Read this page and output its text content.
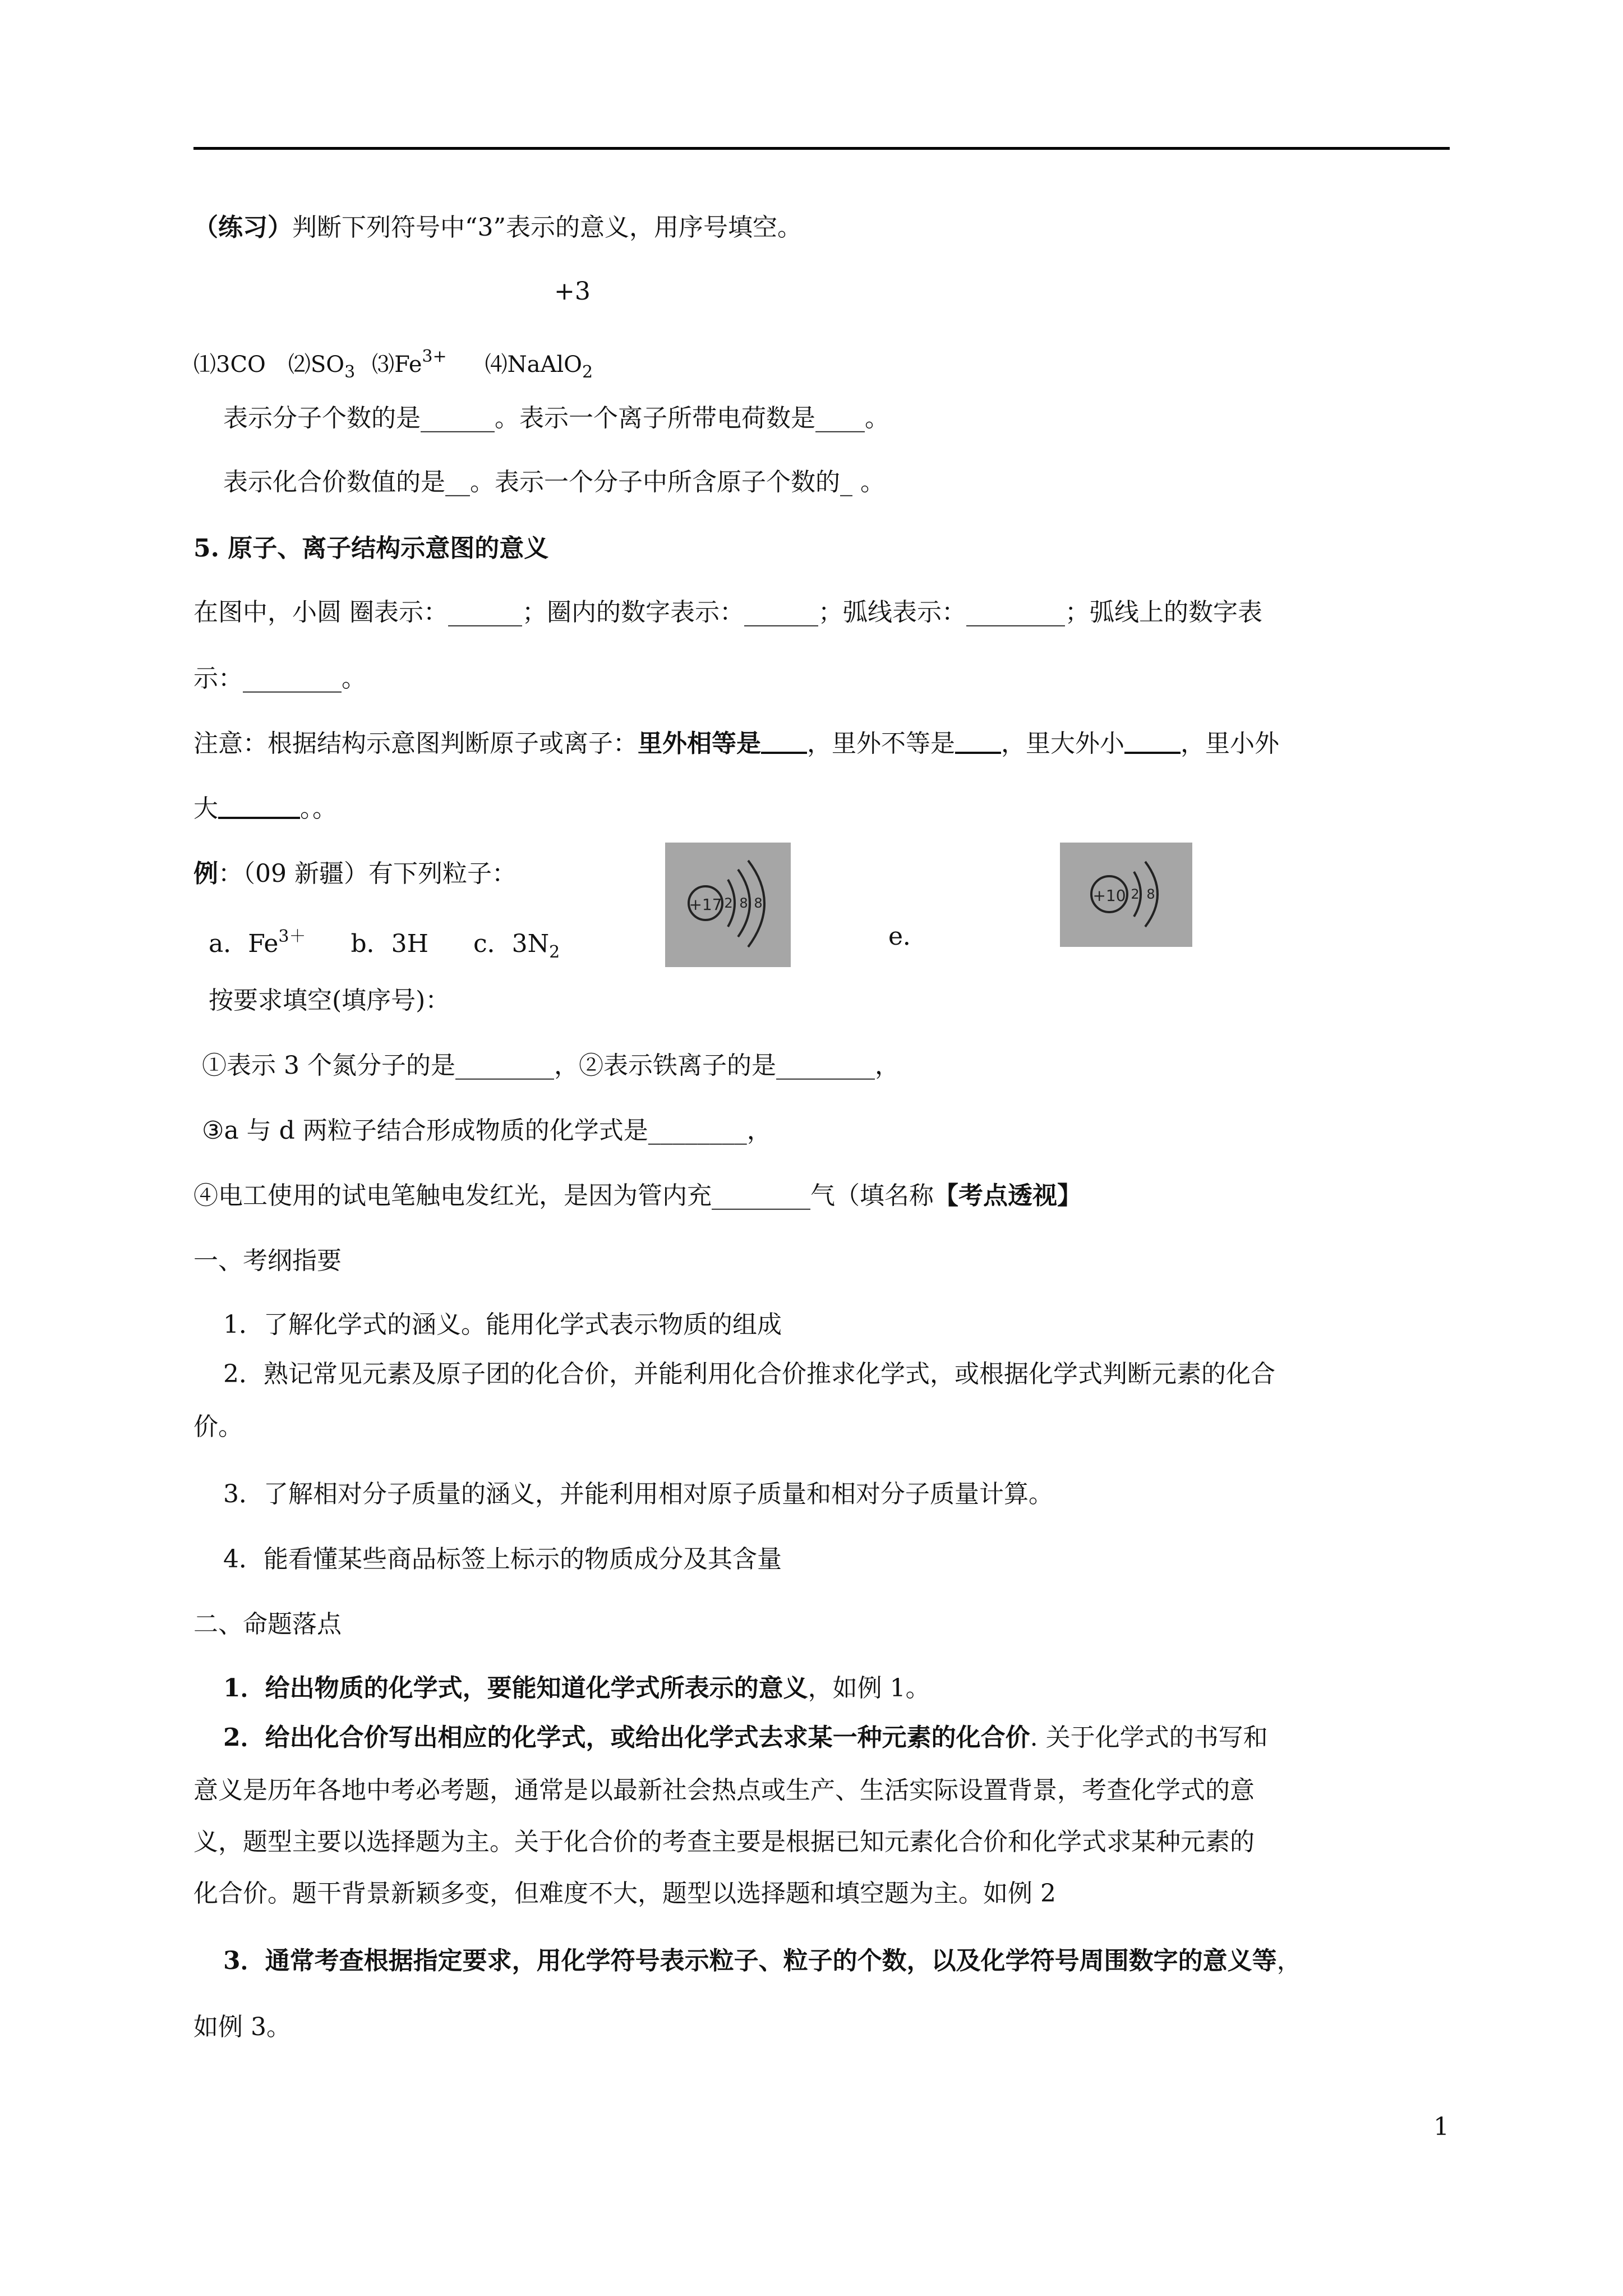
（练习）判断下列符号中“3”表示的意义，用序号填空。
+3
⑴3CO $⑵SO_3$ $⑶Fe^{3+}$ ⑷NaAlO$_2$
表示分子个数的是______。表示一个离子所带电荷数是____。
表示化合价数值的是__。表示一个分子中所含原子个数的_ 。
5. 原子、离子结构示意图的意义
在图中，小圆 圈表示：______；圈内的数字表示：______；弧线表示：________；弧线上的数字表
示：________。
注意：根据结构示意图判断原子或离子：里外相等是 ，里外不等是 ，里大外小 ，里小外
大	。。
例：（09 新疆）有下列粒子：
+17 2 8 8	+10 2 8
a．$Fe^{3+}$ b．3H c．$3N_2$
e．
按要求填空(填序号)：
①表示 3 个氮分子的是________，②表示铁离子的是________，
③a 与 d 两粒子结合形成物质的化学式是________，
④电工使用的试电笔触电发红光，是因为管内充________气（填名称【考点透视】
一、考纲指要
1．了解化学式的涵义。能用化学式表示物质的组成
2．熟记常见元素及原子团的化合价，并能利用化合价推求化学式，或根据化学式判断元素的化合
价。
3．了解相对分子质量的涵义，并能利用相对原子质量和相对分子质量计算。
4．能看懂某些商品标签上标示的物质成分及其含量
二、命题落点
1．给出物质的化学式，要能知道化学式所表示的意义，如例 1。
2．给出化合价写出相应的化学式，或给出化学式去求某一种元素的化合价. 关于化学式的书写和
意义是历年各地中考必考题，通常是以最新社会热点或生产、生活实际设置背景，考查化学式的意
义，题型主要以选择题为主。关于化合价的考查主要是根据已知元素化合价和化学式求某种元素的
化合价。题干背景新颖多变，但难度不大，题型以选择题和填空题为主。如例 2
3．通常考查根据指定要求，用化学符号表示粒子、粒子的个数，以及化学符号周围数字的意义等，
如例 3。
1
